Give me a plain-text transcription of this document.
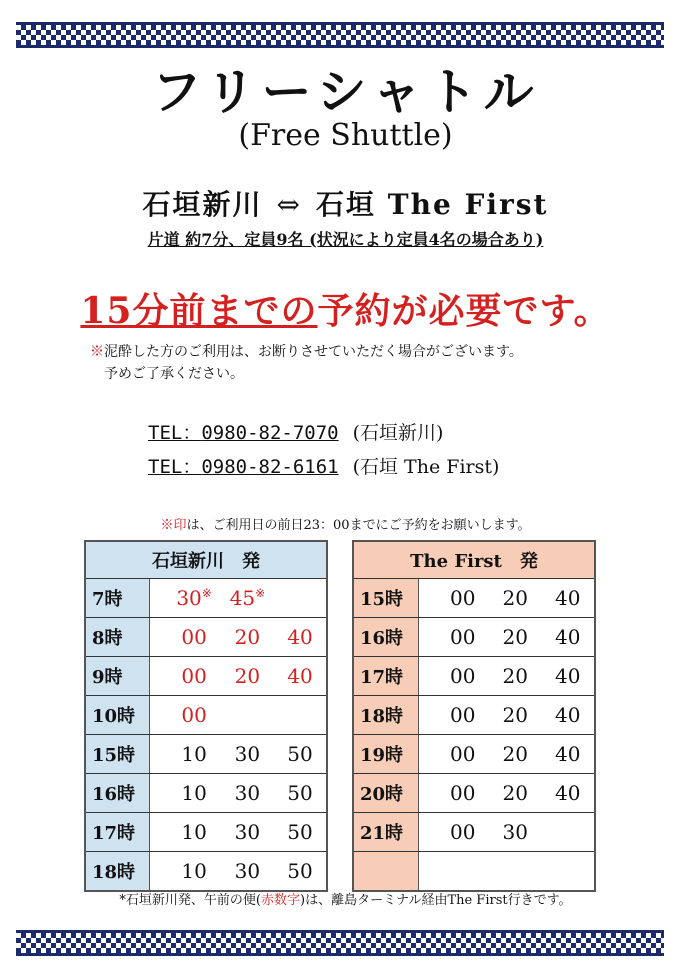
フリーシャトル
(Free Shuttle)
石垣新川 ⇔ 石垣 The First
片道 約7分、定員9名 (状況により定員4名の場合あり)
15分前までの予約が必要です。
※泥酔した方のご利用は、お断りさせていただく場合がございます。
予めご了承ください。
TEL：0980-82-7070 (石垣新川)
TEL：0980-82-6161 (石垣 The First)
※印は、ご利用日の前日23：00までにご予約をお願いします。
石垣新川　発				
7時		30※	45※	
8時		00	20	40
9時		00	20	40
10時		00		
15時		10	30	50
16時		10	30	50
17時		10	30	50
18時		10	30	50
The First　発				
15時		00	20	40
16時		00	20	40
17時		00	20	40
18時		00	20	40
19時		00	20	40
20時		00	20	40
21時		00	30	

*石垣新川発、午前の便(赤数字)は、離島ターミナル経由The First行きです。
